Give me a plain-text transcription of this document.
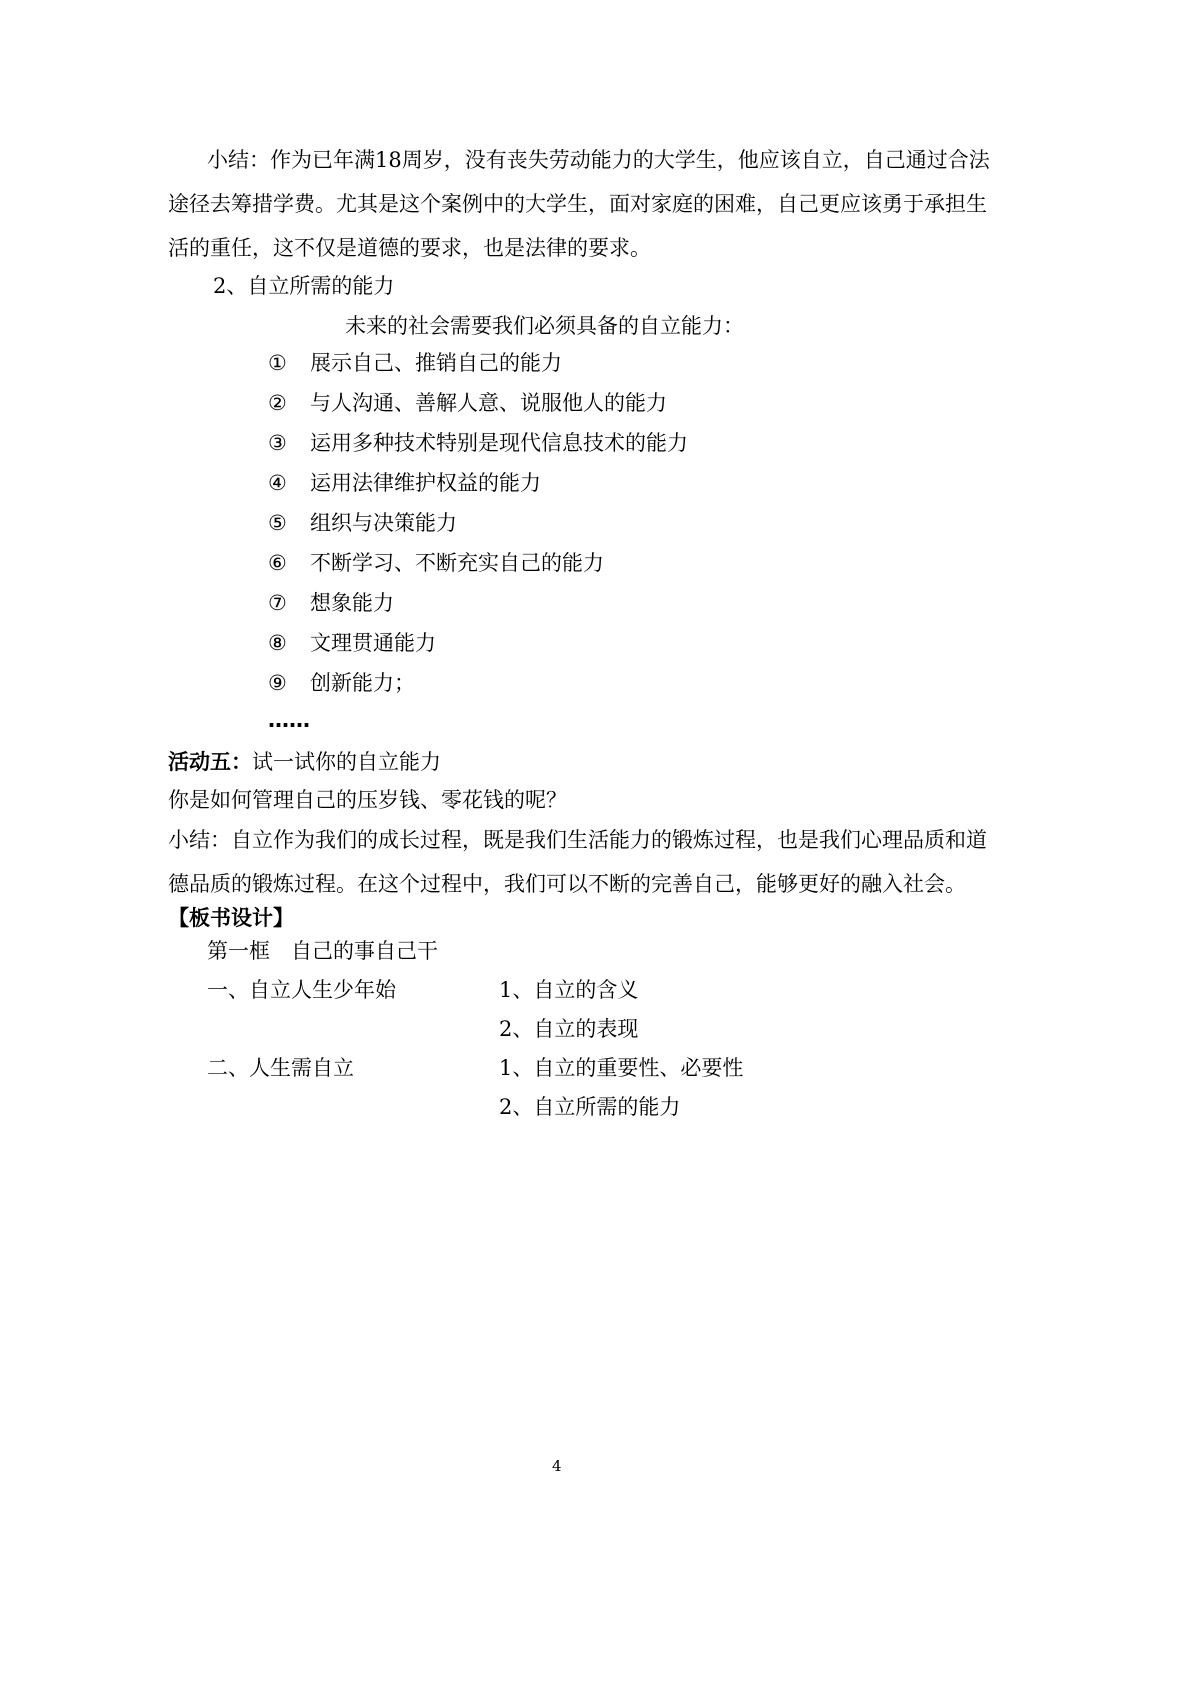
小结：作为已年满18周岁，没有丧失劳动能力的大学生，他应该自立，自己通过合法
途径去筹措学费。尤其是这个案例中的大学生，面对家庭的困难，自己更应该勇于承担生
活的重任，这不仅是道德的要求，也是法律的要求。
2、自立所需的能力
未来的社会需要我们必须具备的自立能力：
① 展示自己、推销自己的能力
② 与人沟通、善解人意、说服他人的能力
③ 运用多种技术特别是现代信息技术的能力
④ 运用法律维护权益的能力
⑤ 组织与决策能力
⑥ 不断学习、不断充实自己的能力
⑦ 想象能力
⑧ 文理贯通能力
⑨ 创新能力；
……
活动五：试一试你的自立能力
你是如何管理自己的压岁钱、零花钱的呢？
小结：自立作为我们的成长过程，既是我们生活能力的锻炼过程，也是我们心理品质和道
德品质的锻炼过程。在这个过程中，我们可以不断的完善自己，能够更好的融入社会。
【板书设计】
第一框　自己的事自己干
一、自立人生少年始	1、自立的含义
2、自立的表现
二、人生需自立	1、自立的重要性、必要性
2、自立所需的能力
4
